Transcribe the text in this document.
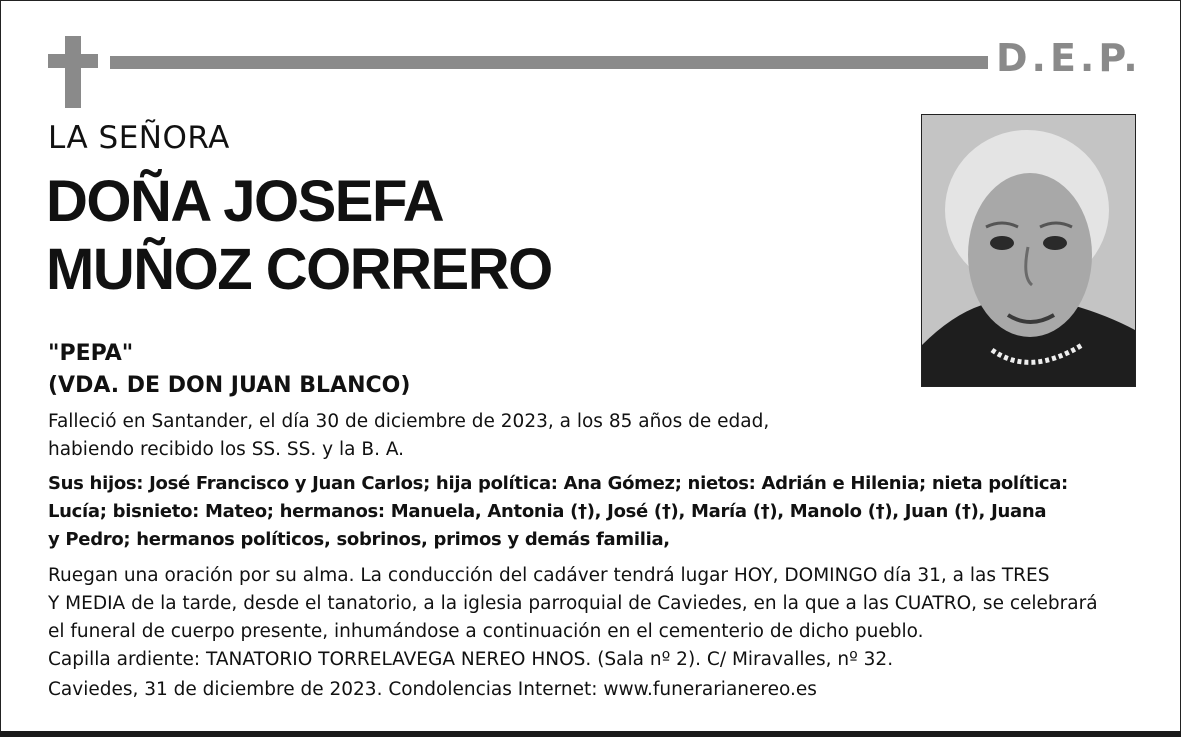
D.E.P.
LA SEÑORA
DOÑA JOSEFA
MUÑOZ CORRERO
"PEPA"
(VDA. DE DON JUAN BLANCO)
Falleció en Santander, el día 30 de diciembre de 2023, a los 85 años de edad,
habiendo recibido los SS. SS. y la B. A.
Sus hijos: José Francisco y Juan Carlos; hija política: Ana Gómez; nietos: Adrián e Hilenia; nieta política:
Lucía; bisnieto: Mateo; hermanos: Manuela, Antonia (†), José (†), María (†), Manolo (†), Juan (†), Juana
y Pedro; hermanos políticos, sobrinos, primos y demás familia,
Ruegan una oración por su alma. La conducción del cadáver tendrá lugar HOY, DOMINGO día 31, a las TRES
Y MEDIA de la tarde, desde el tanatorio, a la iglesia parroquial de Caviedes, en la que a las CUATRO, se celebrará
el funeral de cuerpo presente, inhumándose a continuación en el cementerio de dicho pueblo.
Capilla ardiente: TANATORIO TORRELAVEGA NEREO HNOS. (Sala nº 2). C/ Miravalles, nº 32.
Caviedes, 31 de diciembre de 2023. Condolencias Internet: www.funerarianereo.es
